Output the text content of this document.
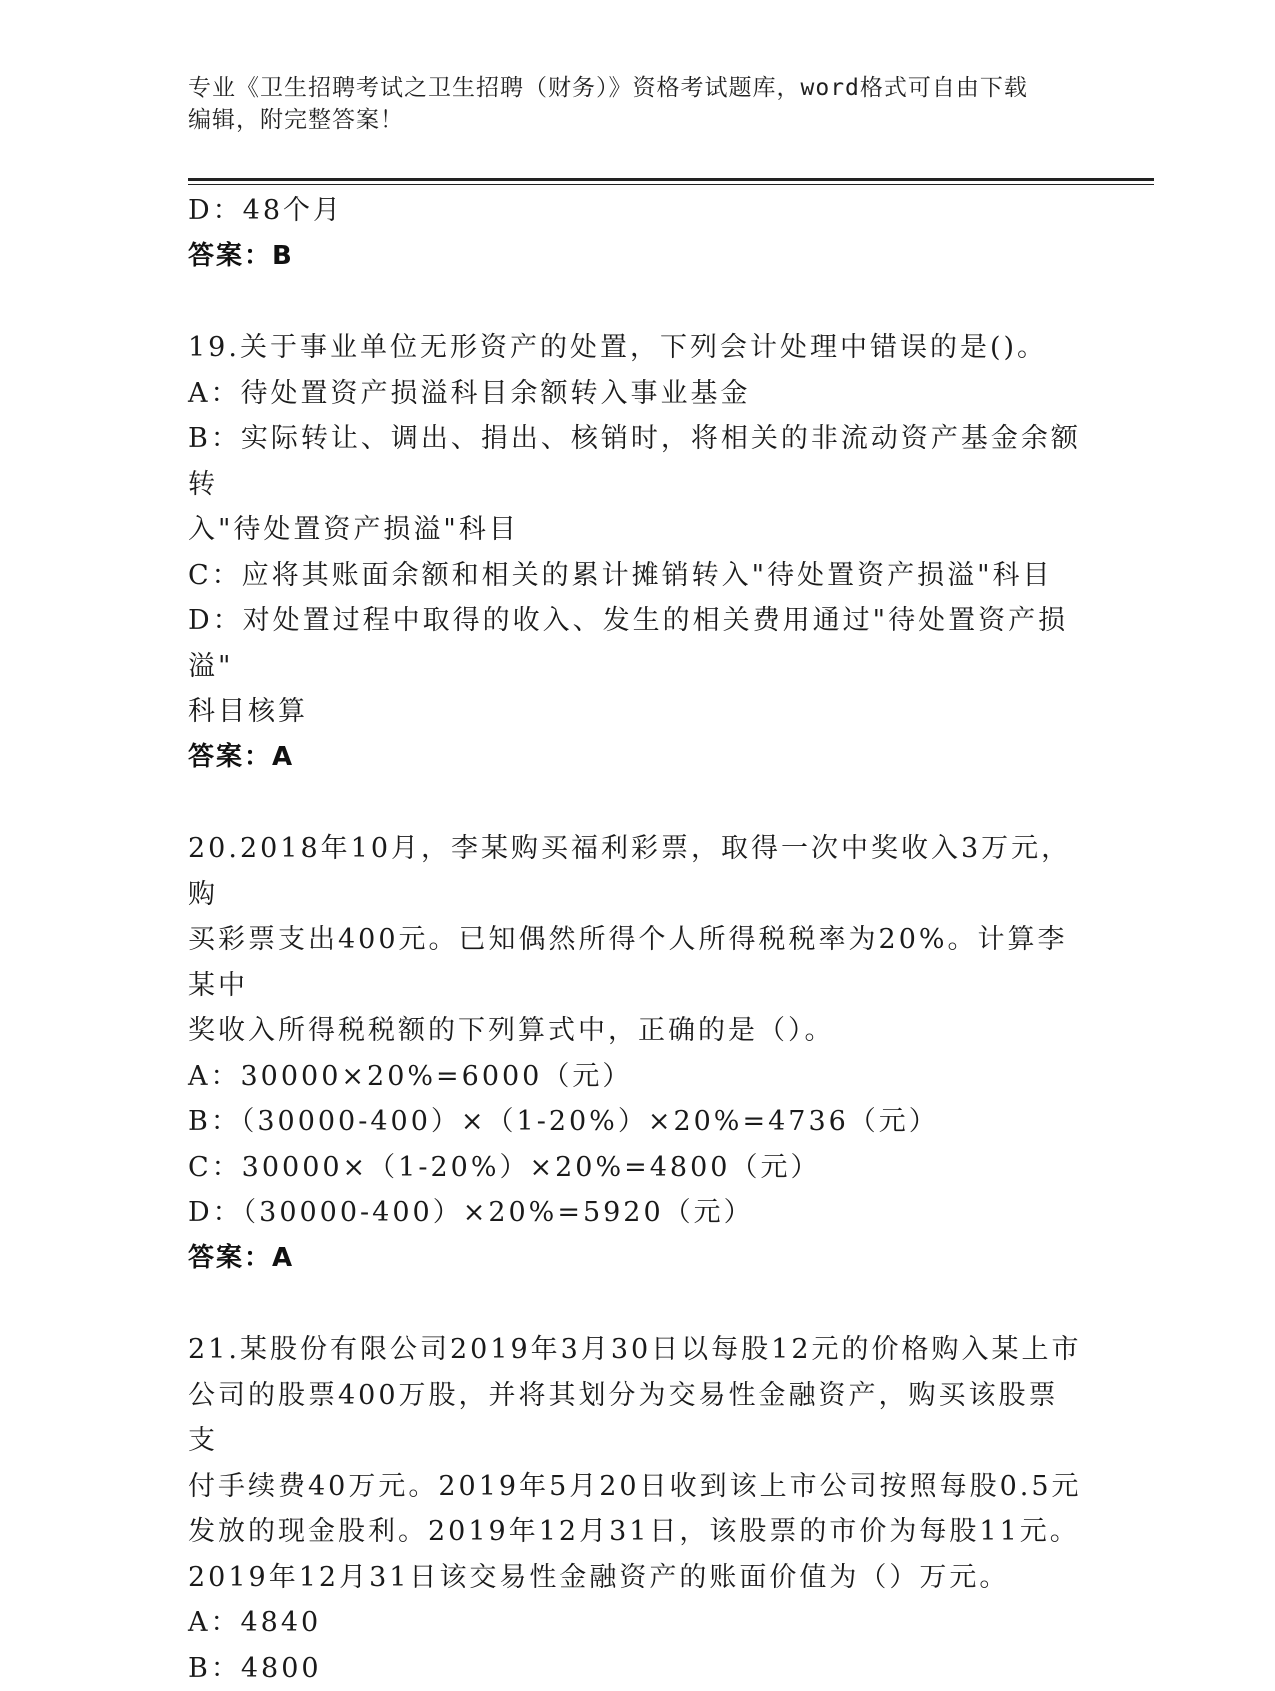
专业《卫生招聘考试之卫生招聘（财务）》资格考试题库，word格式可自由下载
编辑，附完整答案！
D：48个月
答案：B
19.关于事业单位无形资产的处置，下列会计处理中错误的是()。
A：待处置资产损溢科目余额转入事业基金
B：实际转让、调出、捐出、核销时，将相关的非流动资产基金余额转
入"待处置资产损溢"科目
C：应将其账面余额和相关的累计摊销转入"待处置资产损溢"科目
D：对处置过程中取得的收入、发生的相关费用通过"待处置资产损溢"
科目核算
答案：A
20.2018年10月，李某购买福利彩票，取得一次中奖收入3万元，购
买彩票支出400元。已知偶然所得个人所得税税率为20%。计算李某中
奖收入所得税税额的下列算式中，正确的是（）。
A：30000×20%=6000（元）
B：（30000-400）×（1-20%）×20%=4736（元）
C：30000×（1-20%）×20%=4800（元）
D：（30000-400）×20%=5920（元）
答案：A
21.某股份有限公司2019年3月30日以每股12元的价格购入某上市
公司的股票400万股，并将其划分为交易性金融资产，购买该股票支
付手续费40万元。2019年5月20日收到该上市公司按照每股0.5元
发放的现金股利。2019年12月31日，该股票的市价为每股11元。
2019年12月31日该交易性金融资产的账面价值为（）万元。
A：4840
B：4800
